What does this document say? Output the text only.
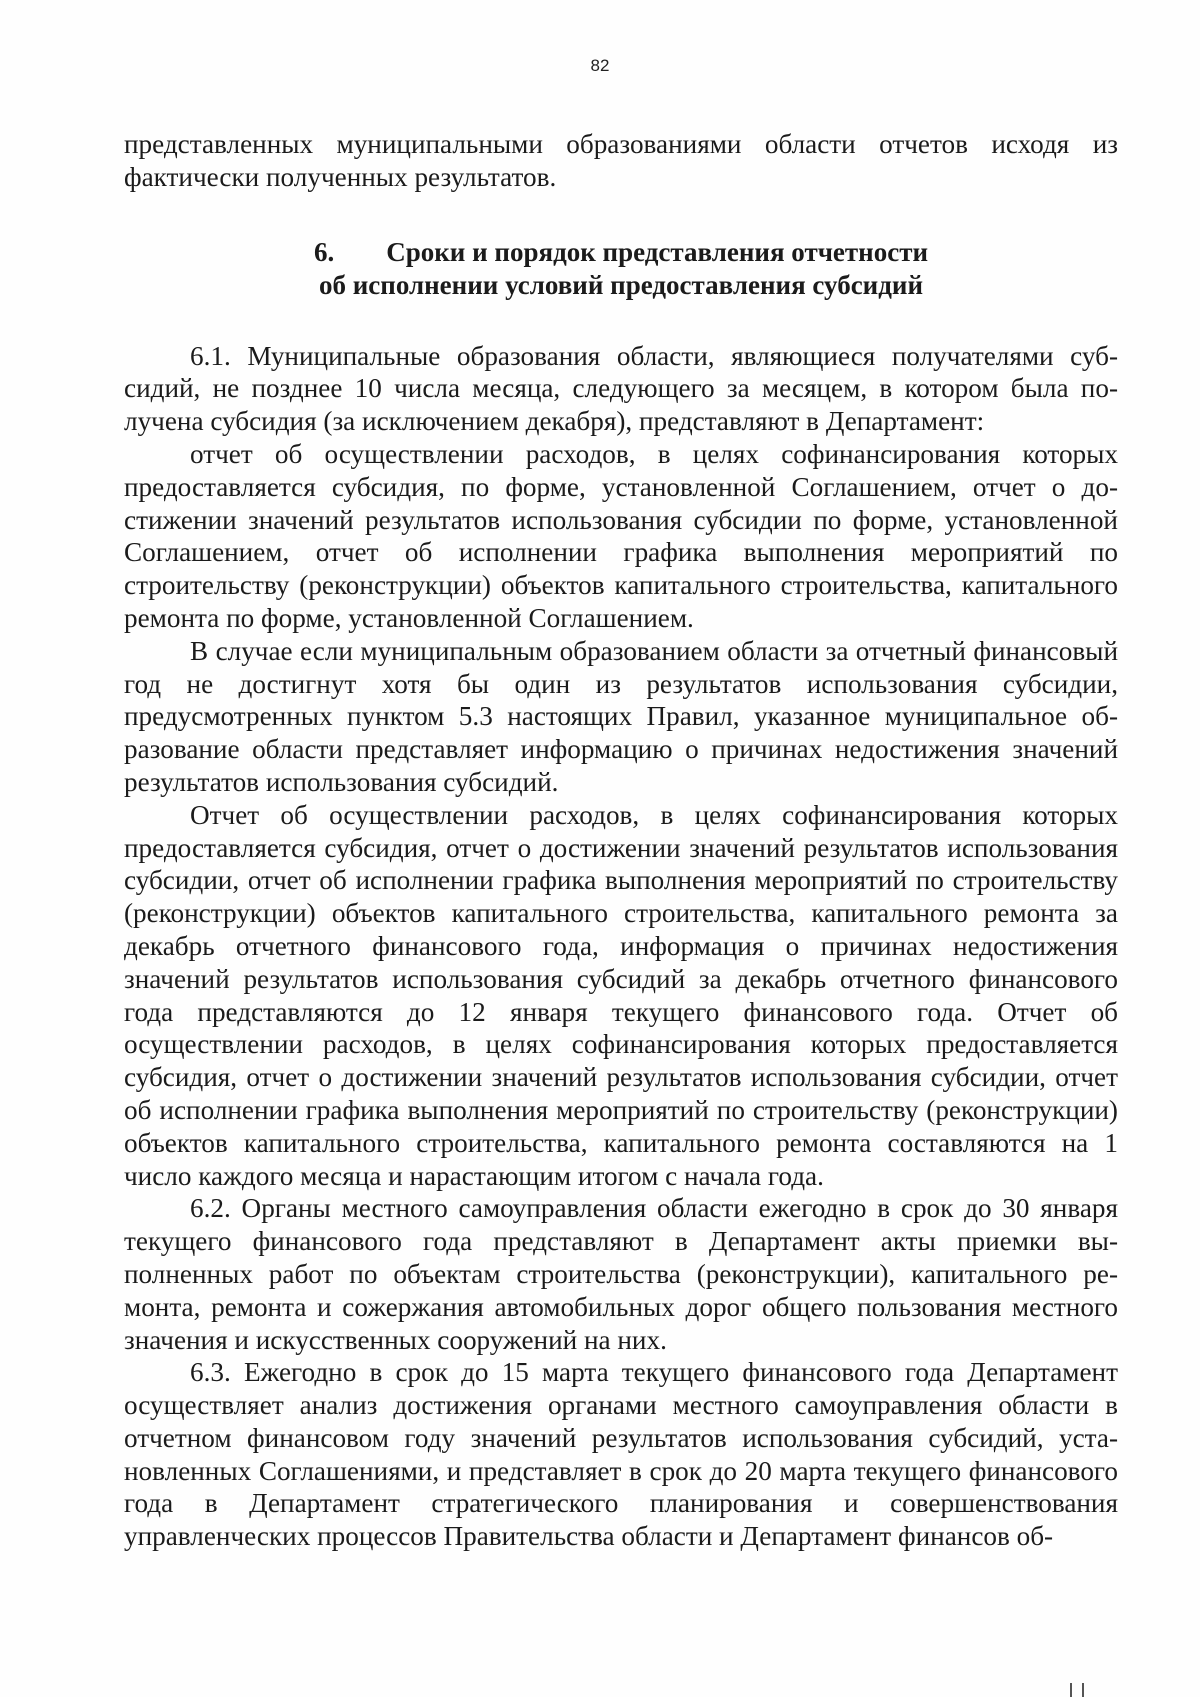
82

представленных муниципальными образованиями области отчетов исходя из фактически полученных результатов.

6. Сроки и порядок представления отчетности
об исполнении условий предоставления субсидий

6.1. Муниципальные образования области, являющиеся получателями субсидий, не позднее 10 числа месяца, следующего за месяцем, в котором была получена субсидия (за исключением декабря), представляют в Департамент:

отчет об осуществлении расходов, в целях софинансирования которых предоставляется субсидия, по форме, установленной Соглашением, отчет о достижении значений результатов использования субсидии по форме, установленной Соглашением, отчет об исполнении графика выполнения мероприятий по строительству (реконструкции) объектов капитального строительства, капитального ремонта по форме, установленной Соглашением.

В случае если муниципальным образованием области за отчетный финансовый год не достигнут хотя бы один из результатов использования субсидии, предусмотренных пунктом 5.3 настоящих Правил, указанное муниципальное образование области представляет информацию о причинах недостижения значений результатов использования субсидий.

Отчет об осуществлении расходов, в целях софинансирования которых предоставляется субсидия, отчет о достижении значений результатов использования субсидии, отчет об исполнении графика выполнения мероприятий по строительству (реконструкции) объектов капитального строительства, капитального ремонта за декабрь отчетного финансового года, информация о причинах недостижения значений результатов использования субсидий за декабрь отчетного финансового года представляются до 12 января текущего финансового года. Отчет об осуществлении расходов, в целях софинансирования которых предоставляется субсидия, отчет о достижении значений результатов использования субсидии, отчет об исполнении графика выполнения мероприятий по строительству (реконструкции) объектов капитального строительства, капитального ремонта составляются на 1 число каждого месяца и нарастающим итогом с начала года.

6.2. Органы местного самоуправления области ежегодно в срок до 30 января текущего финансового года представляют в Департамент акты приемки выполненных работ по объектам строительства (реконструкции), капитального ремонта, ремонта и сожержания автомобильных дорог общего пользования местного значения и искусственных сооружений на них.

6.3. Ежегодно в срок до 15 марта текущего финансового года Департамент осуществляет анализ достижения органами местного самоуправления области в отчетном финансовом году значений результатов использования субсидий, установленных Соглашениями, и представляет в срок до 20 марта текущего финансового года в Департамент стратегического планирования и совершенствования управленческих процессов Правительства области и Департамент финансов об-
